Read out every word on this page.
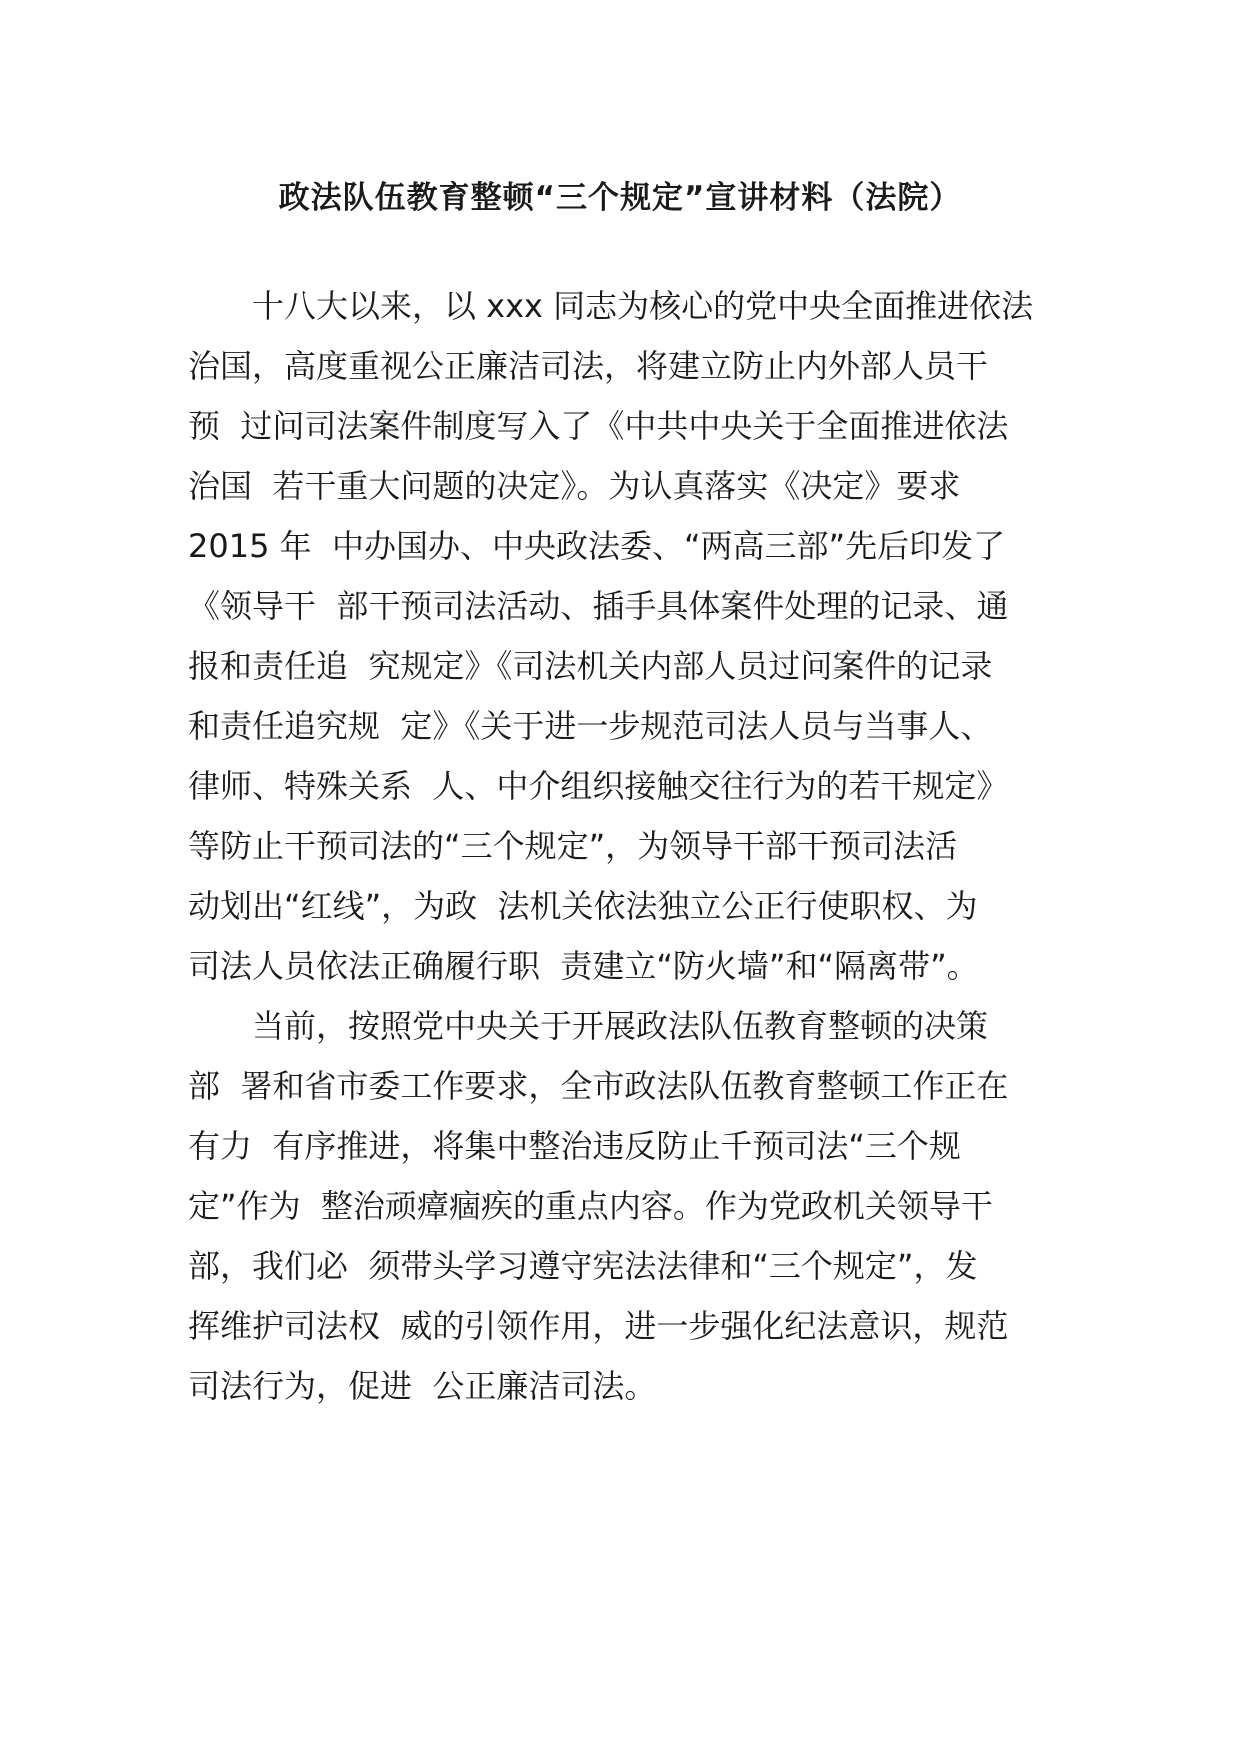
政法队伍教育整顿“三个规定”宣讲材料（法院）

十八大以来，以 xxx 同志为核心的党中央全面推进依法

治国，高度重视公正廉洁司法，将建立防止内外部人员干

预  过问司法案件制度写入了《中共中央关于全面推进依法

治国  若干重大问题的决定》。为认真落实《决定》要求

2015 年  中办国办、中央政法委、“两高三部”先后印发了

《领导干  部干预司法活动、插手具体案件处理的记录、通

报和责任追  究规定》《司法机关内部人员过问案件的记录

和责任追究规  定》《关于进一步规范司法人员与当事人、

律师、特殊关系  人、中介组织接触交往行为的若干规定》

等防止干预司法的“三个规定”，为领导干部干预司法活

动划出“红线”，为政  法机关依法独立公正行使职权、为

司法人员依法正确履行职  责建立“防火墙”和“隔离带”。

当前，按照党中央关于开展政法队伍教育整顿的决策

部  署和省市委工作要求，全市政法队伍教育整顿工作正在

有力  有序推进，将集中整治违反防止千预司法“三个规

定”作为  整治顽瘴痼疾的重点内容。作为党政机关领导干

部，我们必  须带头学习遵守宪法法律和“三个规定”，发

挥维护司法权  威的引领作用，进一步强化纪法意识，规范

司法行为，促进  公正廉洁司法。
